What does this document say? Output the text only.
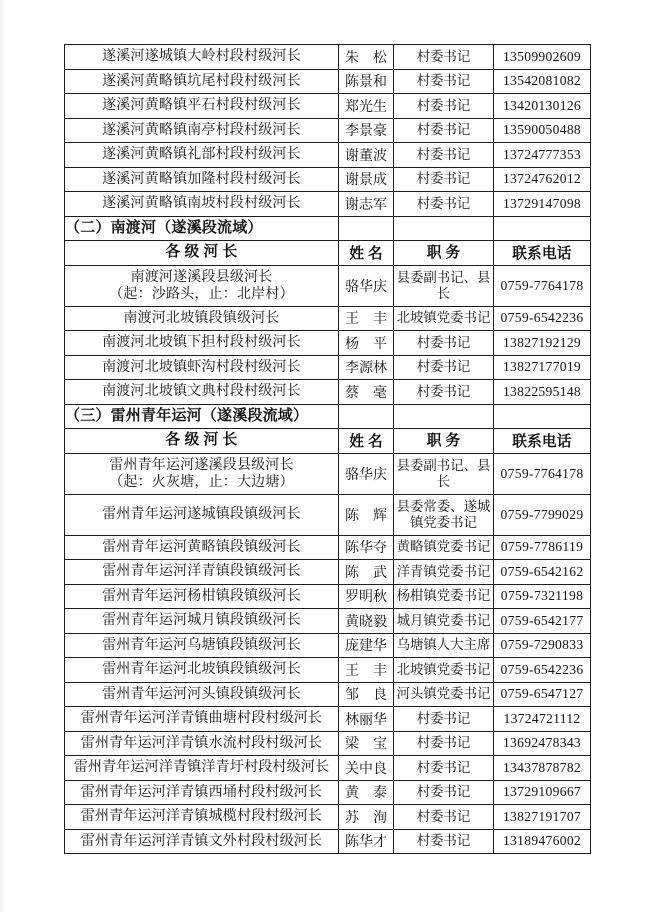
遂溪河遂城镇大岭村段村级河长	朱　松	村委书记	13509902609
遂溪河黄略镇坑尾村段村级河长	陈景和	村委书记	13542081082
遂溪河黄略镇平石村段村级河长	郑光生	村委书记	13420130126
遂溪河黄略镇南亭村段村级河长	李景豪	村委书记	13590050488
遂溪河黄略镇礼部村段村级河长	谢董波	村委书记	13724777353
遂溪河黄略镇加隆村段村级河长	谢景成	村委书记	13724762012
遂溪河黄略镇南坡村段村级河长	谢志军	村委书记	13729147098
（二）南渡河（遂溪段流域）			
各 级 河 长	姓 名	职 务	联系电话
南渡河遂溪段县级河长
（起：沙路头，止：北岸村）	骆华庆	县委副书记、县长	0759-7764178
南渡河北坡镇段镇级河长	王　丰	北坡镇党委书记	0759-6542236
南渡河北坡镇下担村段村级河长	杨　平	村委书记	13827192129
南渡河北坡镇虾沟村段村级河长	李源林	村委书记	13827177019
南渡河北坡镇文典村段村级河长	蔡　毫	村委书记	13822595148
（三）雷州青年运河（遂溪段流域）			
各 级 河 长	姓 名	职 务	联系电话
雷州青年运河遂溪段县级河长
（起：火灰塘，止：大边塘）	骆华庆	县委副书记、县长	0759-7764178
雷州青年运河遂城镇段镇级河长	陈　辉	县委常委、遂城镇党委书记	0759-7799029
雷州青年运河黄略镇段镇级河长	陈华夺	黄略镇党委书记	0759-7786119
雷州青年运河洋青镇段镇级河长	陈　武	洋青镇党委书记	0759-6542162
雷州青年运河杨柑镇段镇级河长	罗明秋	杨柑镇党委书记	0759-7321198
雷州青年运河城月镇段镇级河长	黄晓毅	城月镇党委书记	0759-6542177
雷州青年运河乌塘镇段镇级河长	庞建华	乌塘镇人大主席	0759-7290833
雷州青年运河北坡镇段镇级河长	王　丰	北坡镇党委书记	0759-6542236
雷州青年运河河头镇段镇级河长	邹　良	河头镇党委书记	0759-6547127
雷州青年运河洋青镇曲塘村段村级河长	林丽华	村委书记	13724721112
雷州青年运河洋青镇水流村段村级河长	梁　宝	村委书记	13692478343
雷州青年运河洋青镇洋青圩村段村级河长	关中良	村委书记	13437878782
雷州青年运河洋青镇西埇村段村级河长	黄　泰	村委书记	13729109667
雷州青年运河洋青镇城榄村段村级河长	苏　洵	村委书记	13827191707
雷州青年运河洋青镇文外村段村级河长	陈华才	村委书记	13189476002
